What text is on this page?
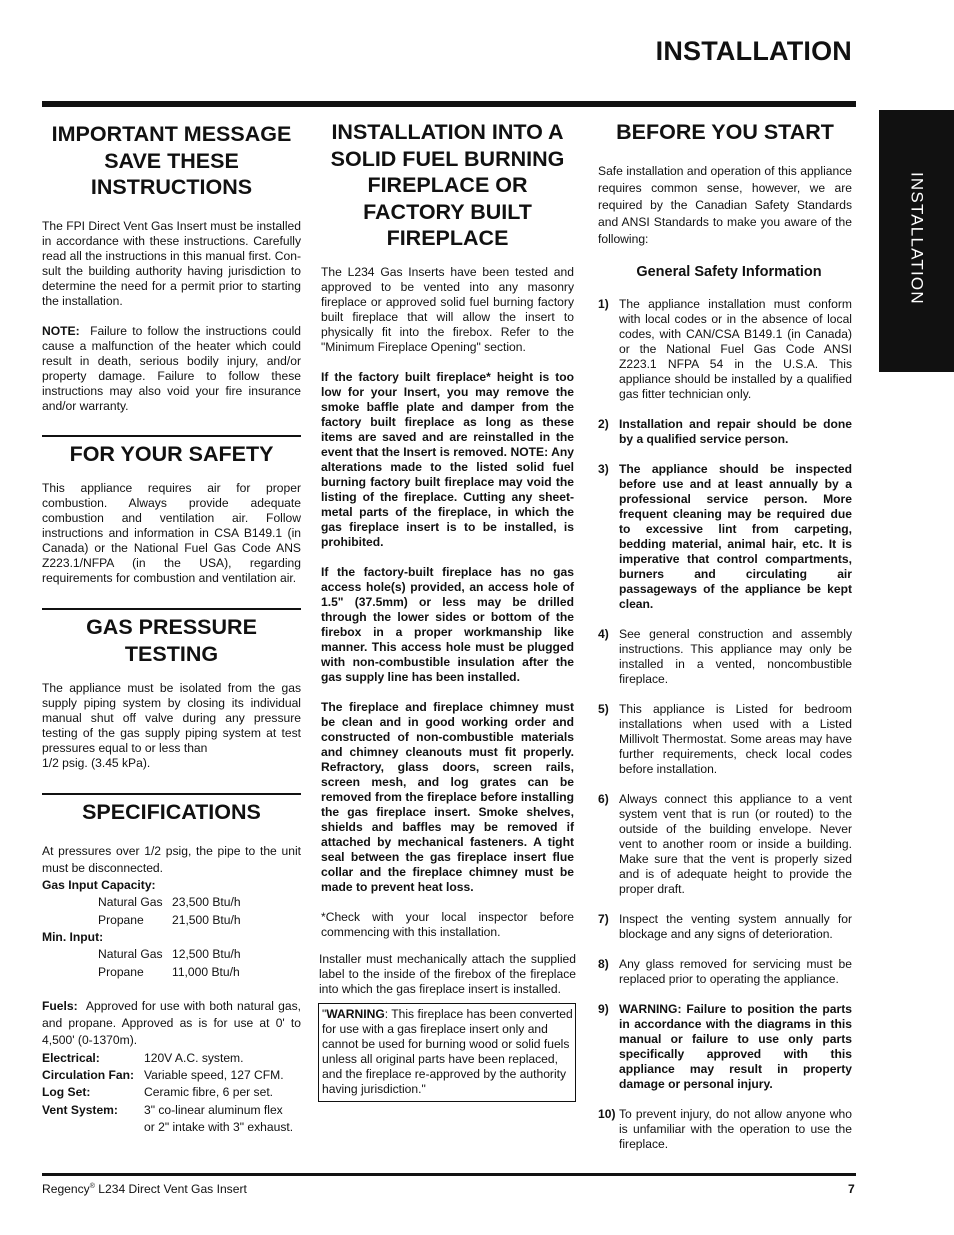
INSTALLATION
INSTALLATION
IMPORTANT MESSAGE SAVE THESE INSTRUCTIONS
The FPI Direct Vent Gas Insert must be installed in accordance with these instructions. Carefully read all the instructions in this manual first. Con-sult the building authority having jurisdiction to determine the need for a permit prior to starting the installation.
NOTE: Failure to follow the instructions could cause a malfunction of the heater which could result in death, serious bodily injury, and/or property damage. Failure to follow these instructions may also void your fire insurance and/or warranty.
FOR YOUR SAFETY
This appliance requires air for proper combustion. Always provide adequate combustion and ventilation air. Follow instructions and information in CSA B149.1 (in Canada) or the National Fuel Gas Code ANS Z223.1/NFPA (in the USA), regarding requirements for combustion and ventilation air.
GAS PRESSURE TESTING
The appliance must be isolated from the gas supply piping system by closing its individual manual shut off valve during any pressure testing of the gas supply piping system at test pressures equal to or less than
1/2 psig. (3.45 kPa).
SPECIFICATIONS
At pressures over 1/2 psig, the pipe to the unit must be disconnected.
Gas Input Capacity:
Natural Gas 23,500 Btu/h
Propane 21,500 Btu/h
Min. Input:
Natural Gas 12,500 Btu/h
Propane 11,000 Btu/h
Fuels: Approved for use with both natural gas, and propane. Approved as is for use at 0' to 4,500' (0-1370m).
Electrical:	120V A.C. system.
Circulation Fan: Variable speed, 127 CFM.
Log Set:	Ceramic fibre, 6 per set.
Vent System:	3" co-linear aluminum flex
or 2" intake with 3" exhaust.
INSTALLATION INTO A SOLID FUEL BURNING FIREPLACE OR FACTORY BUILT FIREPLACE
The L234 Gas Inserts have been tested and approved to be vented into any masonry fireplace or approved solid fuel burning factory built fireplace that will allow the insert to physically fit into the firebox. Refer to the "Minimum Fireplace Opening" section.
If the factory built fireplace* height is too low for your Insert, you may remove the smoke baffle plate and damper from the factory built fireplace as long as these items are saved and are reinstalled in the event that the Insert is removed. NOTE: Any alterations made to the listed solid fuel burning factory built fireplace may void the listing of the fireplace. Cutting any sheet-metal parts of the fireplace, in which the gas fireplace insert is to be installed, is prohibited.
If the factory-built fireplace has no gas access hole(s) provided, an access hole of 1.5" (37.5mm) or less may be drilled through the lower sides or bottom of the firebox in a proper workmanship like manner. This access hole must be plugged with non-combustible insulation after the gas supply line has been installed.
The fireplace and fireplace chimney must be clean and in good working order and constructed of non-combustible materials and chimney cleanouts must fit properly. Refractory, glass doors, screen rails, screen mesh, and log grates can be removed from the fireplace before installing the gas fireplace insert. Smoke shelves, shields and baffles may be removed if attached by mechanical fasteners. A tight seal between the gas fireplace insert flue collar and the fireplace chimney must be made to prevent heat loss.
*Check with your local inspector before commencing with this installation.
Installer must mechanically attach the supplied label to the inside of the firebox of the fireplace into which the gas fireplace insert is installed.
"WARNING: This fireplace has been converted for use with a gas fireplace insert only and cannot be used for burning wood or solid fuels unless all original parts have been replaced, and the fireplace re-approved by the authority having jurisdiction."
BEFORE YOU START
Safe installation and operation of this appliance requires common sense, however, we are required by the Canadian Safety Standards and ANSI Standards to make you aware of the following:
General Safety Information
1) The appliance installation must conform with local codes or in the absence of local codes, with CAN/CSA B149.1 (in Canada) or the National Fuel Gas Code ANSI Z223.1 NFPA 54 in the U.S.A. This appliance should be installed by a qualified gas fitter technician only.
2) Installation and repair should be done by a qualified service person.
3) The appliance should be inspected before use and at least annually by a professional service person. More frequent cleaning may be required due to excessive lint from carpeting, bedding material, animal hair, etc. It is imperative that control compartments, burners and circulating air passageways of the appliance be kept clean.
4) See general construction and assembly instructions. This appliance may only be installed in a vented, noncombustible fireplace.
5) This appliance is Listed for bedroom installations when used with a Listed Millivolt Thermostat. Some areas may have further requirements, check local codes before installation.
6) Always connect this appliance to a vent system vent that is run (or routed) to the outside of the building envelope. Never vent to another room or inside a building. Make sure that the vent is properly sized and is of adequate height to provide the proper draft.
7) Inspect the venting system annually for blockage and any signs of deterioration.
8) Any glass removed for servicing must be replaced prior to operating the appliance.
9) WARNING: Failure to position the parts in accordance with the diagrams in this manual or failure to use only parts specifically approved with this appliance may result in property damage or personal injury.
10) To prevent injury, do not allow anyone who is unfamiliar with the operation to use the fireplace.
Regency® L234 Direct Vent Gas Insert	7
